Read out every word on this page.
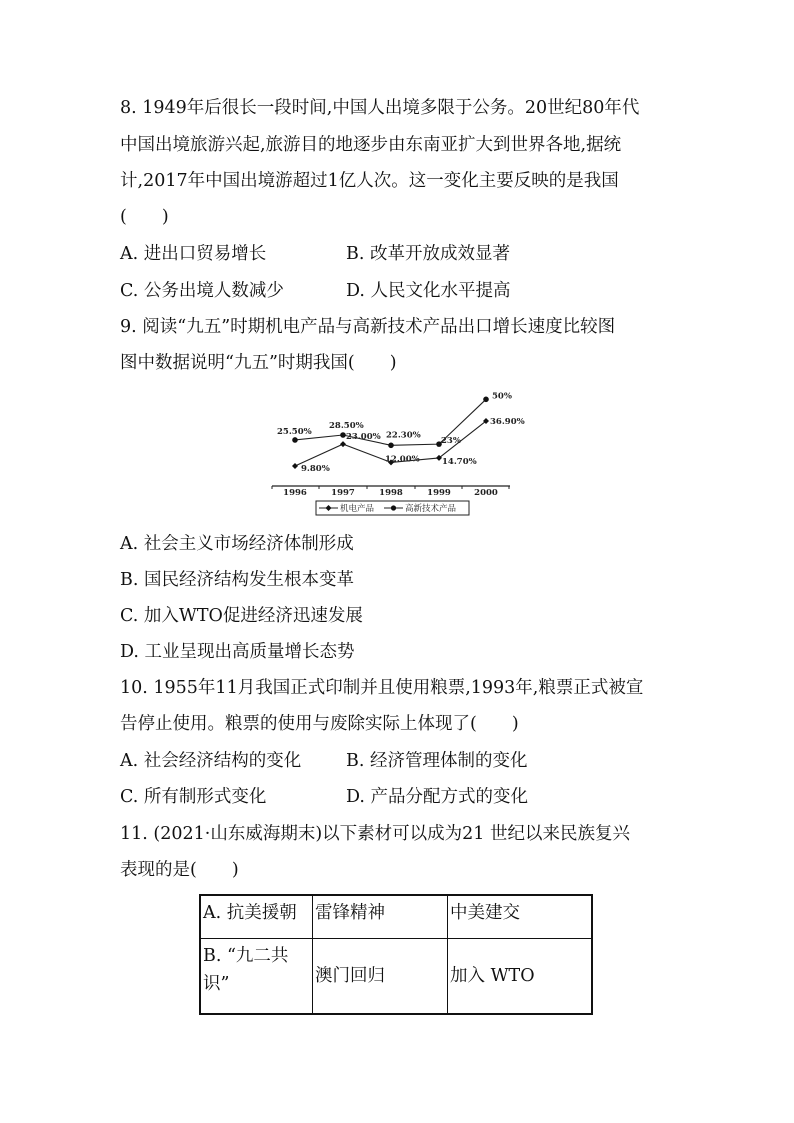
8. 1949年后很长一段时间,中国人出境多限于公务。20世纪80年代
中国出境旅游兴起,旅游目的地逐步由东南亚扩大到世界各地,据统
计,2017年中国出境游超过1亿人次。这一变化主要反映的是我国
(　　)
A. 进出口贸易增长	B. 改革开放成效显著
C. 公务出境人数减少	D. 人民文化水平提高
9. 阅读“九五”时期机电产品与高新技术产品出口增长速度比较图
图中数据说明“九五”时期我国(　　)
1996	1997	1998	1999	2000
9.80%
23.00%
12.00%	14.70%
36.90%
25.50%
28.50%
22.30%
23%
50%
机电产品	高新技术产品
A. 社会主义市场经济体制形成
B. 国民经济结构发生根本变革
C. 加入WTO促进经济迅速发展
D. 工业呈现出高质量增长态势
10. 1955年11月我国正式印制并且使用粮票,1993年,粮票正式被宣
告停止使用。粮票的使用与废除实际上体现了(　　)
A. 社会经济结构的变化	B. 经济管理体制的变化
C. 所有制形式变化	D. 产品分配方式的变化
11. (2021·山东威海期末)以下素材可以成为21 世纪以来民族复兴
表现的是(　　)
A. 抗美援朝	雷锋精神	中美建交
B. “九二共识”	澳门回归	加入 WTO
